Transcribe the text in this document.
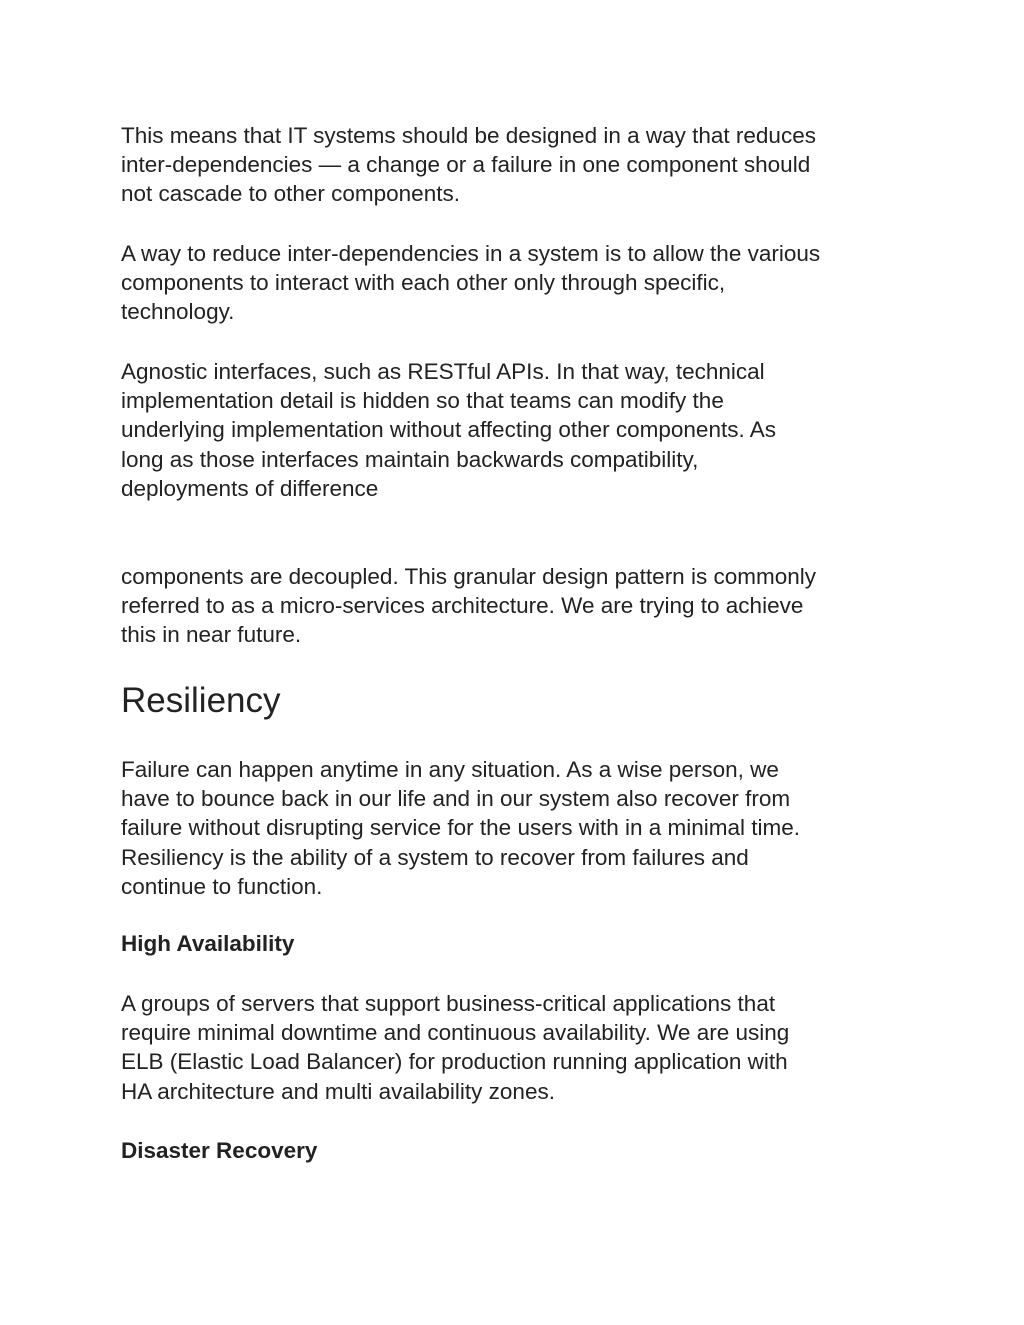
This means that IT systems should be designed in a way that reduces
inter-dependencies — a change or a failure in one component should
not cascade to other components.

A way to reduce inter-dependencies in a system is to allow the various
components to interact with each other only through specific,
technology.

Agnostic interfaces, such as RESTful APIs. In that way, technical
implementation detail is hidden so that teams can modify the
underlying implementation without affecting other components. As
long as those interfaces maintain backwards compatibility,
deployments of difference

components are decoupled. This granular design pattern is commonly
referred to as a micro-services architecture. We are trying to achieve
this in near future.

Resiliency

Failure can happen anytime in any situation. As a wise person, we
have to bounce back in our life and in our system also recover from
failure without disrupting service for the users with in a minimal time.
Resiliency is the ability of a system to recover from failures and
continue to function.

High Availability

A groups of servers that support business-critical applications that
require minimal downtime and continuous availability. We are using
ELB (Elastic Load Balancer) for production running application with
HA architecture and multi availability zones.

Disaster Recovery
